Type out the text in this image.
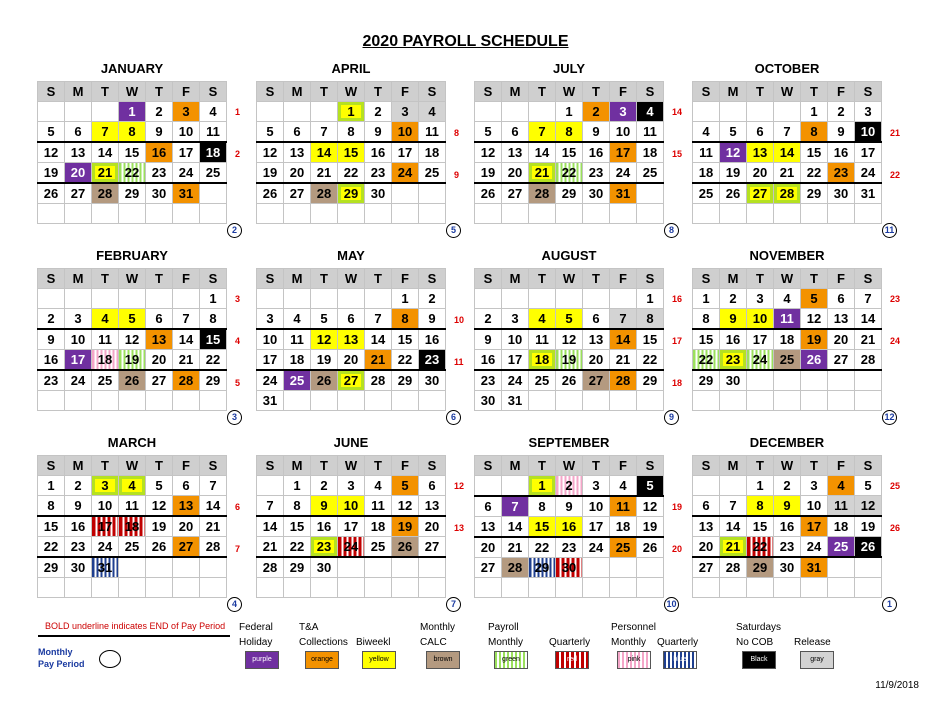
2020 PAYROLL SCHEDULE
JANUARY
1
2
S	M	T	W	T	F	S
			1	2	3	4
5	6	7	8	9	10	11
12	13	14	15	16	17	18
19	20	21	22	23	24	25
26	27	28	29	30	31	

2
APRIL
8
9
S	M	T	W	T	F	S
			1	2	3	4
5	6	7	8	9	10	11
12	13	14	15	16	17	18
19	20	21	22	23	24	25
26	27	28	29	30		

5
JULY
14
15
S	M	T	W	T	F	S
			1	2	3	4
5	6	7	8	9	10	11
12	13	14	15	16	17	18
19	20	21	22	23	24	25
26	27	28	29	30	31	

8
OCTOBER
21
22
S	M	T	W	T	F	S
				1	2	3
4	5	6	7	8	9	10
11	12	13	14	15	16	17
18	19	20	21	22	23	24
25	26	27	28	29	30	31

11
FEBRUARY
3
4
5
S	M	T	W	T	F	S
						1
2	3	4	5	6	7	8
9	10	11	12	13	14	15
16	17	18	19	20	21	22
23	24	25	26	27	28	29

3
MAY
10
11
S	M	T	W	T	F	S
					1	2
3	4	5	6	7	8	9
10	11	12	13	14	15	16
17	18	19	20	21	22	23
24	25	26	27	28	29	30
31						
6
AUGUST
16
17
18
S	M	T	W	T	F	S
						1
2	3	4	5	6	7	8
9	10	11	12	13	14	15
16	17	18	19	20	21	22
23	24	25	26	27	28	29
30	31					
9
NOVEMBER
23
24
S	M	T	W	T	F	S
1	2	3	4	5	6	7
8	9	10	11	12	13	14
15	16	17	18	19	20	21
22	23	24	25	26	27	28
29	30					

12
MARCH
6
7
S	M	T	W	T	F	S
1	2	3	4	5	6	7
8	9	10	11	12	13	14
15	16	17	18	19	20	21
22	23	24	25	26	27	28
29	30	31				

4
JUNE
12
13
S	M	T	W	T	F	S
	1	2	3	4	5	6
7	8	9	10	11	12	13
14	15	16	17	18	19	20
21	22	23	24	25	26	27
28	29	30				

7
SEPTEMBER
19
20
S	M	T	W	T	F	S
		1	2	3	4	5
6	7	8	9	10	11	12
13	14	15	16	17	18	19
20	21	22	23	24	25	26
27	28	29	30			

10
DECEMBER
25
26
S	M	T	W	T	F	S
		1	2	3	4	5
6	7	8	9	10	11	12
13	14	15	16	17	18	19
20	21	22	23	24	25	26
27	28	29	30	31		

1
BOLD underline indicates END of Pay Period
Monthly
Pay Period
Federal
Holiday
purple
T&A
Collections
orange
Biweekl
yellow
Monthly
CALC
brown
Payroll
Monthly
green
Quarterly
red
Personnel
Monthly
pink
Quarterly
blue
Saturdays
No COB
Black
Release
gray
11/9/2018
